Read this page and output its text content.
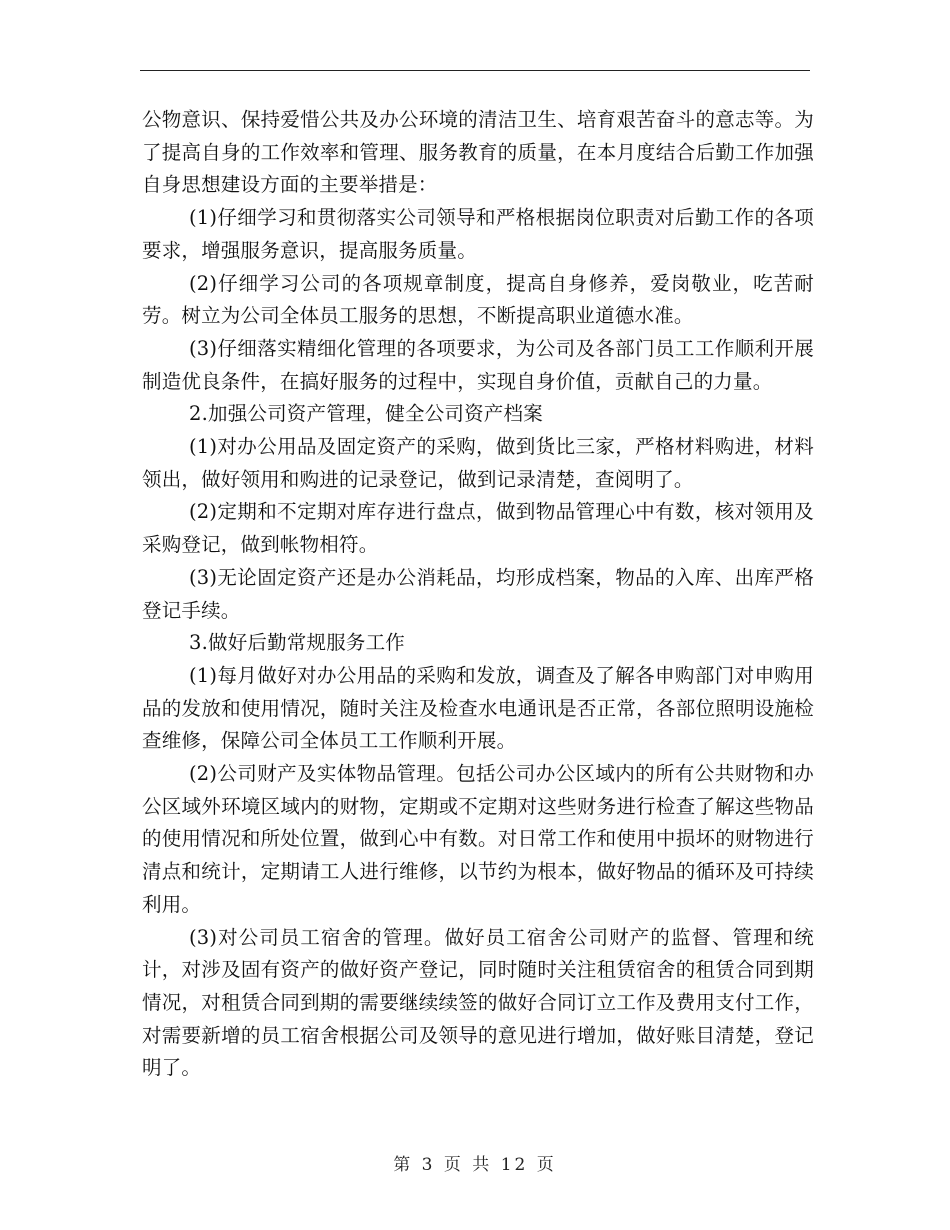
公物意识、保持爱惜公共及办公环境的清洁卫生、培育艰苦奋斗的意志等。为了提高自身的工作效率和管理、服务教育的质量，在本月度结合后勤工作加强自身思想建设方面的主要举措是：

(1)仔细学习和贯彻落实公司领导和严格根据岗位职责对后勤工作的各项要求，增强服务意识，提高服务质量。

(2)仔细学习公司的各项规章制度，提高自身修养，爱岗敬业，吃苦耐劳。树立为公司全体员工服务的思想，不断提高职业道德水准。

(3)仔细落实精细化管理的各项要求，为公司及各部门员工工作顺利开展制造优良条件，在搞好服务的过程中，实现自身价值，贡献自己的力量。

2.加强公司资产管理，健全公司资产档案

(1)对办公用品及固定资产的采购，做到货比三家，严格材料购进，材料领出，做好领用和购进的记录登记，做到记录清楚，查阅明了。

(2)定期和不定期对库存进行盘点，做到物品管理心中有数，核对领用及采购登记，做到帐物相符。

(3)无论固定资产还是办公消耗品，均形成档案，物品的入库、出库严格登记手续。

3.做好后勤常规服务工作

(1)每月做好对办公用品的采购和发放，调查及了解各申购部门对申购用品的发放和使用情况，随时关注及检查水电通讯是否正常，各部位照明设施检查维修，保障公司全体员工工作顺利开展。

(2)公司财产及实体物品管理。包括公司办公区域内的所有公共财物和办公区域外环境区域内的财物，定期或不定期对这些财务进行检查了解这些物品的使用情况和所处位置，做到心中有数。对日常工作和使用中损坏的财物进行清点和统计，定期请工人进行维修，以节约为根本，做好物品的循环及可持续利用。

(3)对公司员工宿舍的管理。做好员工宿舍公司财产的监督、管理和统计，对涉及固有资产的做好资产登记，同时随时关注租赁宿舍的租赁合同到期情况，对租赁合同到期的需要继续续签的做好合同订立工作及费用支付工作，对需要新增的员工宿舍根据公司及领导的意见进行增加，做好账目清楚，登记明了。

第 3 页 共 12 页
